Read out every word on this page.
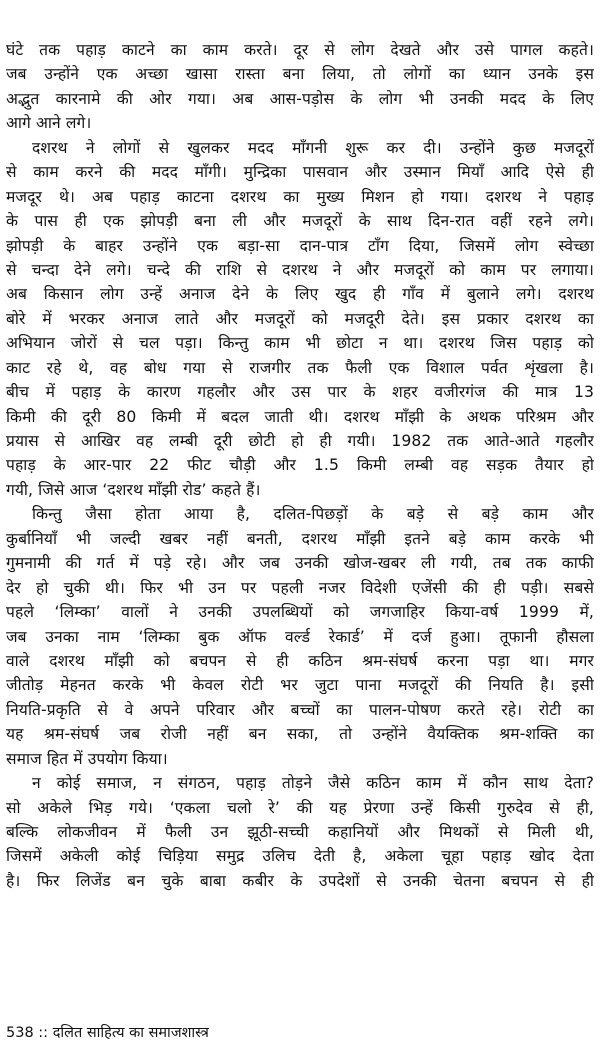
घंटे तक पहाड़ काटने का काम करते। दूर से लोग देखते और उसे पागल कहते।
जब उन्होंने एक अच्छा खासा रास्ता बना लिया, तो लोगों का ध्यान उनके इस
अद्भुत कारनामे की ओर गया। अब आस-पड़ोस के लोग भी उनकी मदद के लिए
आगे आने लगे।
दशरथ ने लोगों से खुलकर मदद माँगनी शुरू कर दी। उन्होंने कुछ मजदूरों
से काम करने की मदद माँगी। मुन्द्रिका पासवान और उस्मान मियाँ आदि ऐसे ही
मजदूर थे। अब पहाड़ काटना दशरथ का मुख्य मिशन हो गया। दशरथ ने पहाड़
के पास ही एक झोपड़ी बना ली और मजदूरों के साथ दिन-रात वहीं रहने लगे।
झोपड़ी के बाहर उन्होंने एक बड़ा-सा दान-पात्र टाँग दिया, जिसमें लोग स्वेच्छा
से चन्दा देने लगे। चन्दे की राशि से दशरथ ने और मजदूरों को काम पर लगाया।
अब किसान लोग उन्हें अनाज देने के लिए खुद ही गाँव में बुलाने लगे। दशरथ
बोरे में भरकर अनाज लाते और मजदूरों को मजदूरी देते। इस प्रकार दशरथ का
अभियान जोरों से चल पड़ा। किन्तु काम भी छोटा न था। दशरथ जिस पहाड़ को
काट रहे थे, वह बोध गया से राजगीर तक फैली एक विशाल पर्वत शृंखला है।
बीच में पहाड़ के कारण गहलौर और उस पार के शहर वजीरगंज की मात्र 13
किमी की दूरी 80 किमी में बदल जाती थी। दशरथ माँझी के अथक परिश्रम और
प्रयास से आखिर वह लम्बी दूरी छोटी हो ही गयी। 1982 तक आते-आते गहलौर
पहाड़ के आर-पार 22 फीट चौड़ी और 1.5 किमी लम्बी वह सड़क तैयार हो
गयी, जिसे आज ‘दशरथ माँझी रोड’ कहते हैं।
किन्तु जैसा होता आया है, दलित-पिछड़ों के बड़े से बड़े काम और
कुर्बानियाँ भी जल्दी खबर नहीं बनती, दशरथ माँझी इतने बड़े काम करके भी
गुमनामी की गर्त में पड़े रहे। और जब उनकी खोज-खबर ली गयी, तब तक काफी
देर हो चुकी थी। फिर भी उन पर पहली नजर विदेशी एजेंसी की ही पड़ी। सबसे
पहले ‘लिम्का’ वालों ने उनकी उपलब्धियों को जगजाहिर किया-वर्ष 1999 में,
जब उनका नाम ‘लिम्का बुक ऑफ वर्ल्ड रेकार्ड’ में दर्ज हुआ। तूफानी हौसला
वाले दशरथ माँझी को बचपन से ही कठिन श्रम-संघर्ष करना पड़ा था। मगर
जीतोड़ मेहनत करके भी केवल रोटी भर जुटा पाना मजदूरों की नियति है। इसी
नियति-प्रकृति से वे अपने परिवार और बच्चों का पालन-पोषण करते रहे। रोटी का
यह श्रम-संघर्ष जब रोजी नहीं बन सका, तो उन्होंने वैयक्तिक श्रम-शक्ति का
समाज हित में उपयोग किया।
न कोई समाज, न संगठन, पहाड़ तोड़ने जैसे कठिन काम में कौन साथ देता?
सो अकेले भिड़ गये। ‘एकला चलो रे’ की यह प्रेरणा उन्हें किसी गुरुदेव से ही,
बल्कि लोकजीवन में फैली उन झूठी-सच्ची कहानियों और मिथकों से मिली थी,
जिसमें अकेली कोई चिड़िया समुद्र उलिच देती है, अकेला चूहा पहाड़ खोद देता
है। फिर लिजेंड बन चुके बाबा कबीर के उपदेशों से उनकी चेतना बचपन से ही
538 :: दलित साहित्य का समाजशास्त्र
